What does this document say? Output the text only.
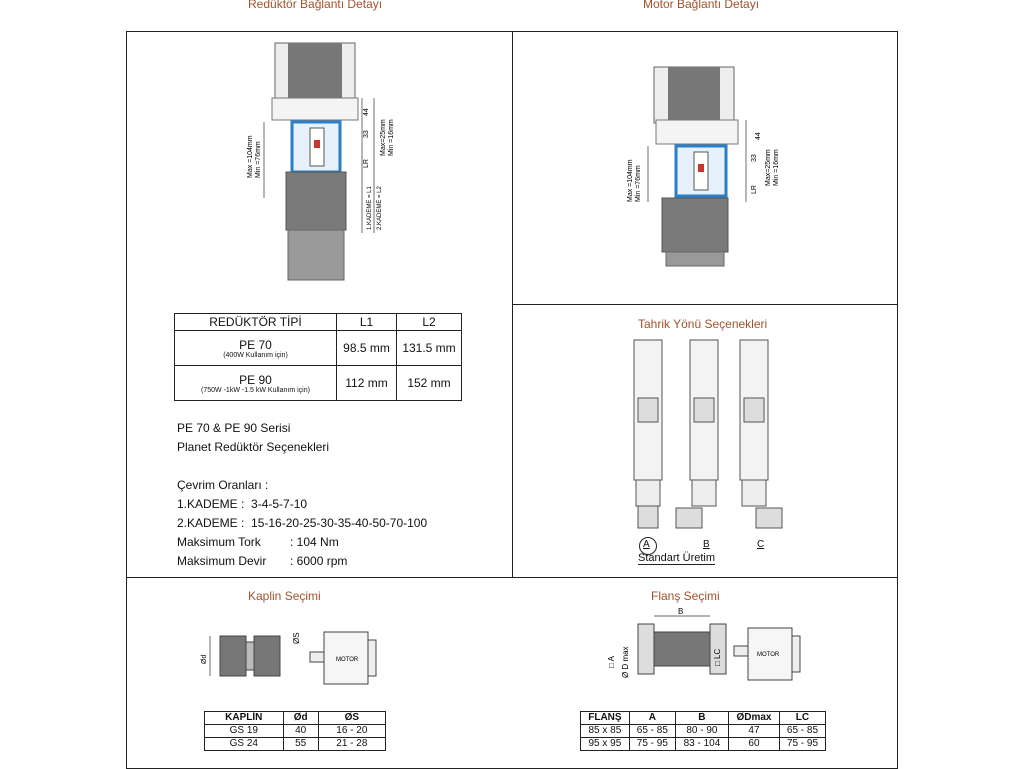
Redüktör Bağlantı Detayı	Motor Bağlantı Detayı
44
33
LR
Max=25mm Min =16mm
Max =104mm Min =76mm
1.KADEME = L1 2.KADEME = L2
44
33
LR
Max=25mm Min =16mm
Max =104mm Min =76mm
REDÜKTÖR TİPİ	L1	L2
PE 70
(400W Kullanım için)	98.5 mm	131.5 mm
PE 90
(750W -1kW -1.5 kW Kullanım için)	112 mm	152 mm
PE 70 & PE 90 Serisi
Planet Redüktör Seçenekleri
Çevrim Oranları :
1.KADEME : 3-4-5-7-10
2.KADEME : 15-16-20-25-30-35-40-50-70-100
Maksimum Tork : 104 Nm
Maksimum Devir : 6000 rpm
Tahrik Yönü Seçenekleri
A	B	C
Standart Üretim
Kaplin Seçimi
Ød
ØS
MOTOR
KAPLİN	Ød	ØS
GS 19	40	16 - 20
GS 24	55	21 - 28
Flanş Seçimi
B
□ A Ø D max	□ LC	MOTOR
FLANŞ	A	B	ØDmax	LC
85 x 85	65 - 85	80 - 90	47	65 - 85
95 x 95	75 - 95	83 - 104	60	75 - 95
